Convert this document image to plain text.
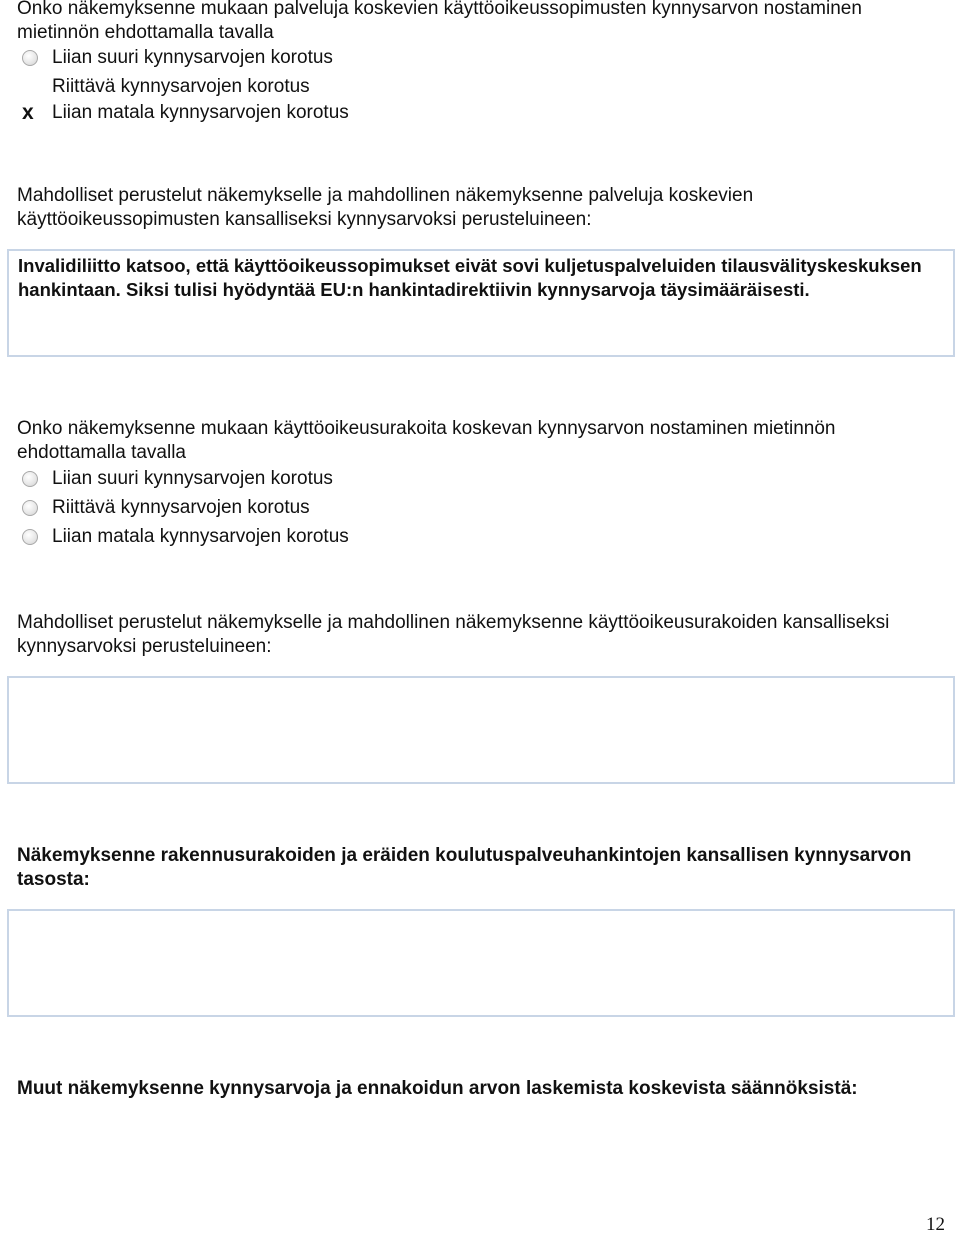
Onko näkemyksenne mukaan palveluja koskevien käyttöoikeussopimusten kynnysarvon nostaminen mietinnön ehdottamalla tavalla
Liian suuri kynnysarvojen korotus
Riittävä kynnysarvojen korotus
x Liian matala kynnysarvojen korotus
Mahdolliset perustelut näkemykselle ja mahdollinen näkemyksenne palveluja koskevien käyttöoikeussopimusten kansalliseksi kynnysarvoksi perusteluineen:
Invalidiliitto katsoo, että käyttöoikeussopimukset eivät sovi kuljetuspalveluiden tilausvälityskeskuksen hankintaan. Siksi tulisi hyödyntää EU:n hankintadirektiivin kynnysarvoja täysimääräisesti.
Onko näkemyksenne mukaan käyttöoikeusurakoita koskevan kynnysarvon nostaminen mietinnön ehdottamalla tavalla
Liian suuri kynnysarvojen korotus
Riittävä kynnysarvojen korotus
Liian matala kynnysarvojen korotus
Mahdolliset perustelut näkemykselle ja mahdollinen näkemyksenne käyttöoikeusurakoiden kansalliseksi kynnysarvoksi perusteluineen:
Näkemyksenne rakennusurakoiden ja eräiden koulutuspalveuhankintojen kansallisen kynnysarvon tasosta:
Muut näkemyksenne kynnysarvoja ja ennakoidun arvon laskemista koskevista säännöksistä:
12
